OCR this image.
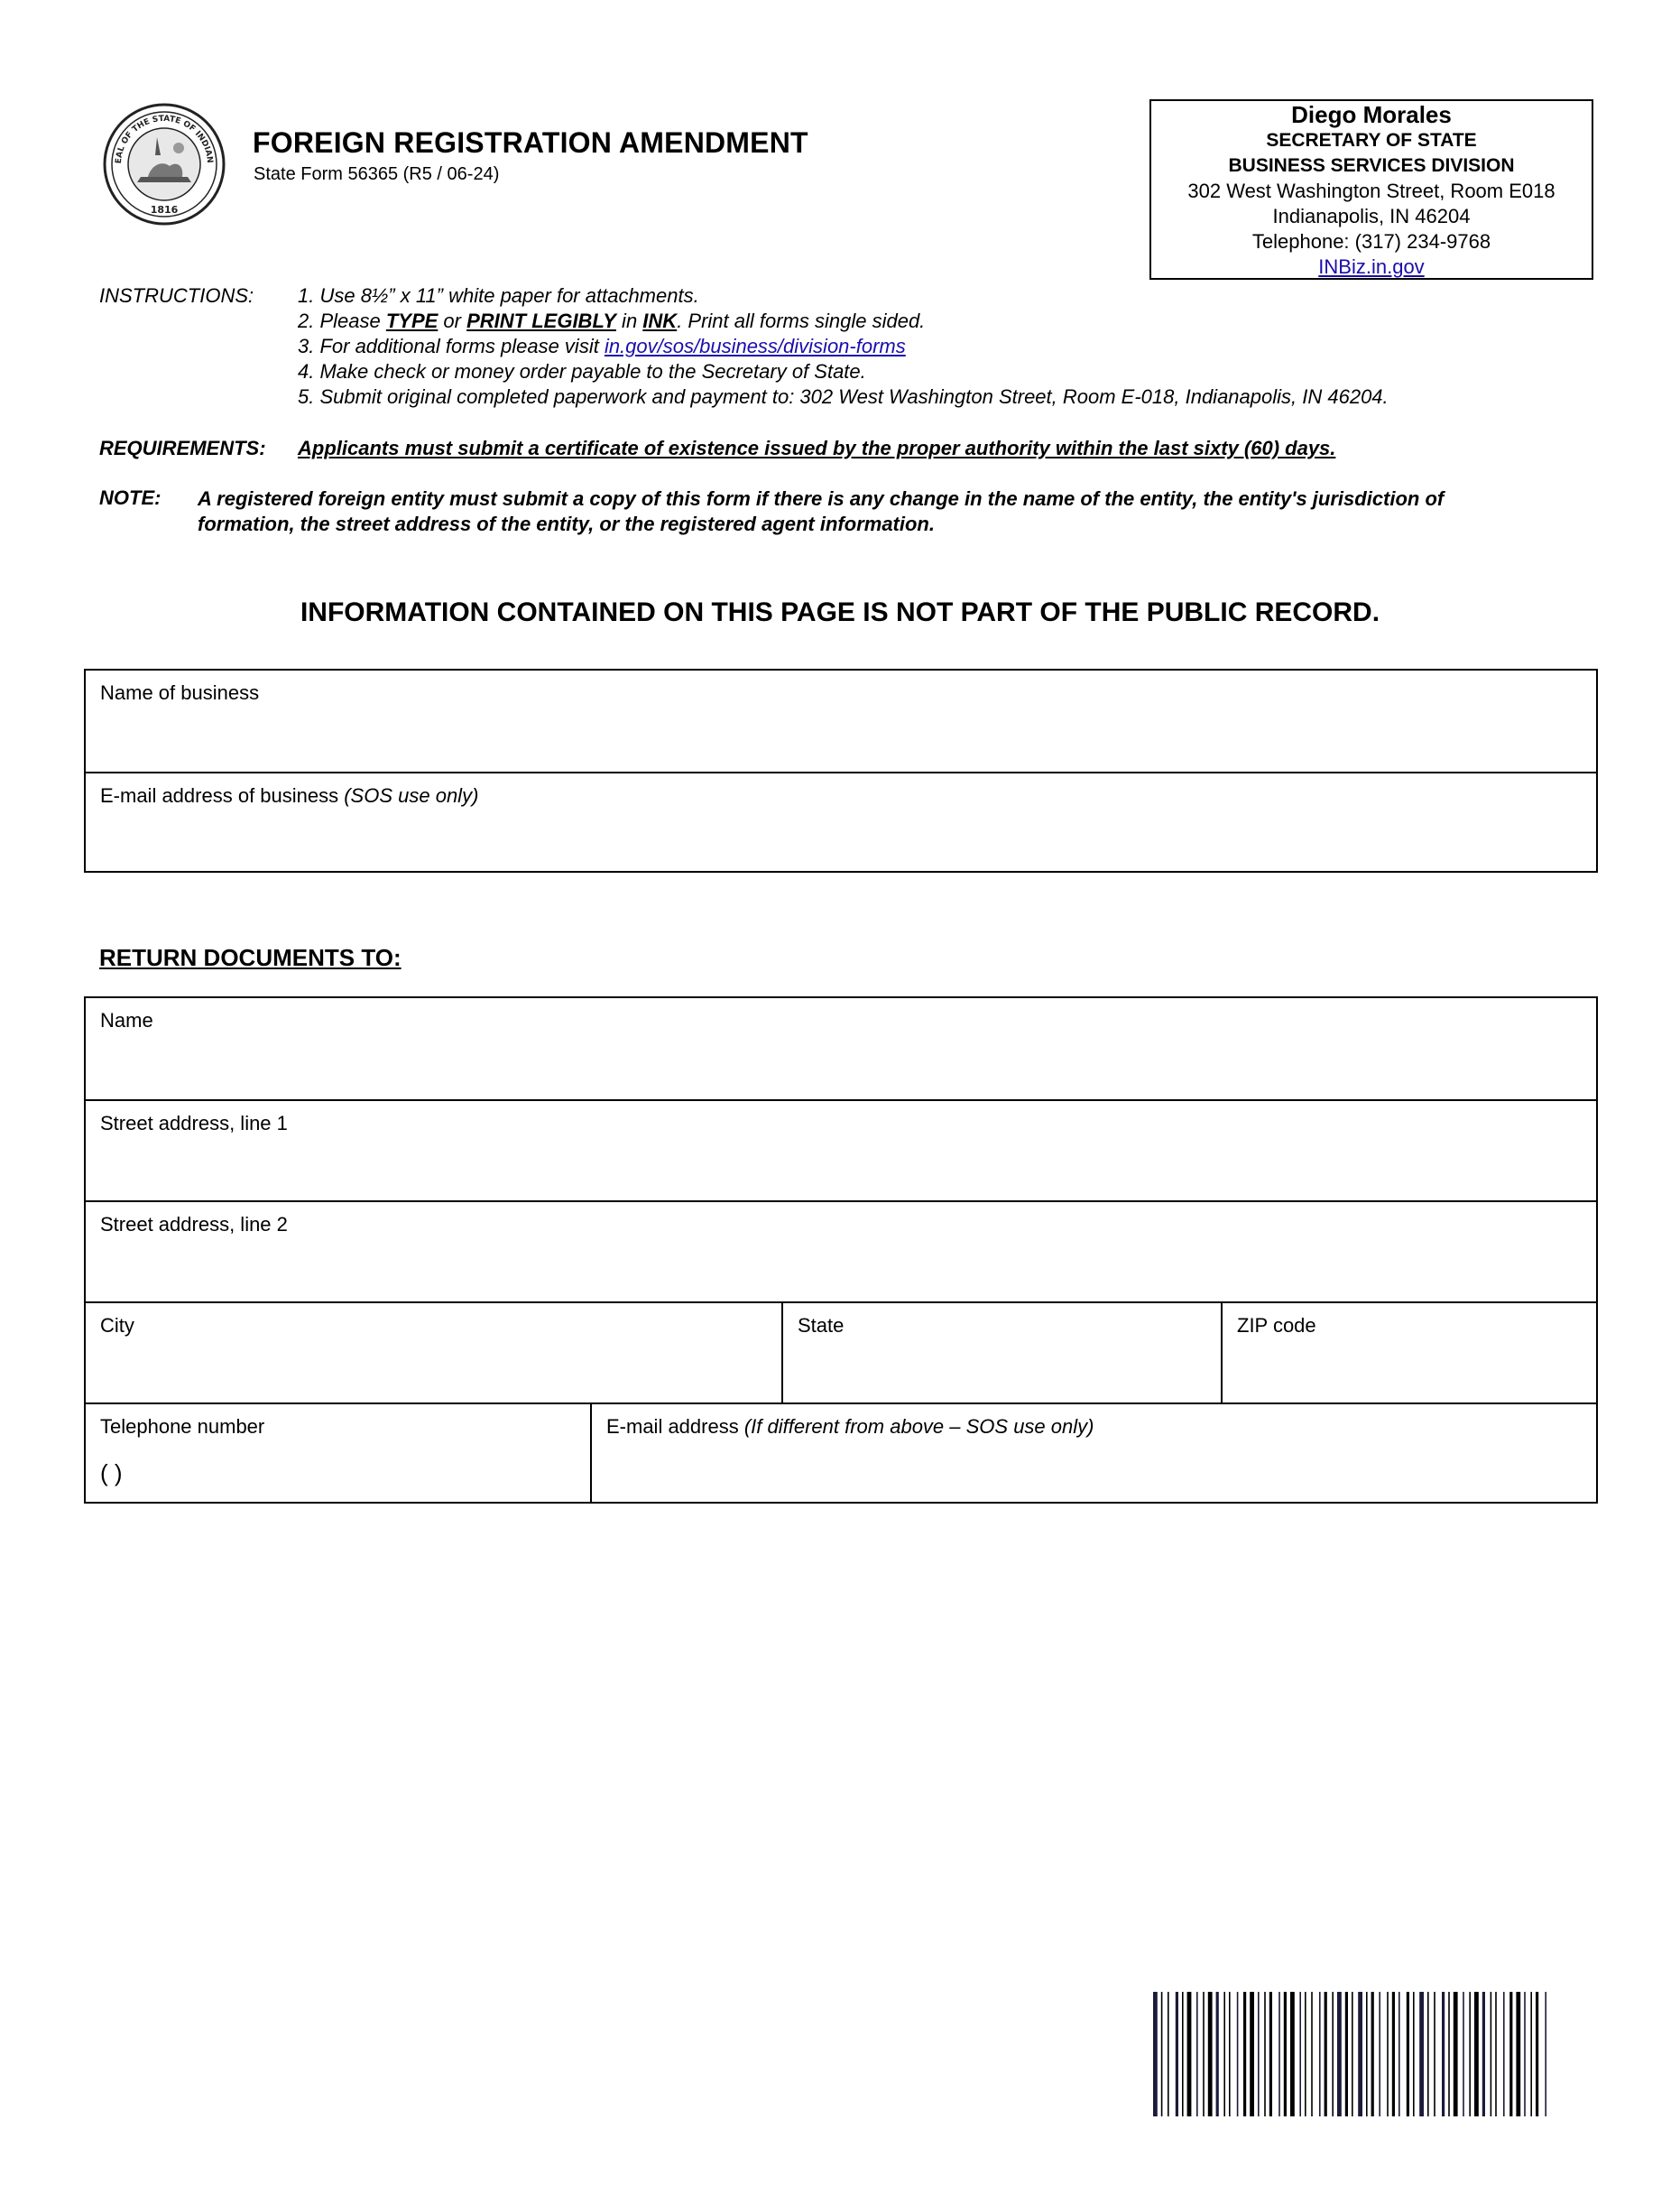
EAL OF THE STATE OF INDIAN
1816
FOREIGN REGISTRATION AMENDMENT
State Form 56365 (R5 / 06-24)
Diego Morales
SECRETARY OF STATE
BUSINESS SERVICES DIVISION
302 West Washington Street, Room E018
Indianapolis, IN 46204
Telephone: (317) 234-9768
INBiz.in.gov
INSTRUCTIONS: 1. Use 8½” x 11” white paper for attachments.
2. Please TYPE or PRINT LEGIBLY in INK. Print all forms single sided.
3. For additional forms please visit in.gov/sos/business/division-forms
4. Make check or money order payable to the Secretary of State.
5. Submit original completed paperwork and payment to: 302 West Washington Street, Room E-018, Indianapolis, IN 46204.
REQUIREMENTS: Applicants must submit a certificate of existence issued by the proper authority within the last sixty (60) days.
NOTE: A registered foreign entity must submit a copy of this form if there is any change in the name of the entity, the entity's jurisdiction of formation, the street address of the entity, or the registered agent information.
INFORMATION CONTAINED ON THIS PAGE IS NOT PART OF THE PUBLIC RECORD.
Name of business
E-mail address of business (SOS use only)
RETURN DOCUMENTS TO:
Name
Street address, line 1
Street address, line 2
City	State	ZIP code
Telephone number
( )
E-mail address (If different from above – SOS use only)
